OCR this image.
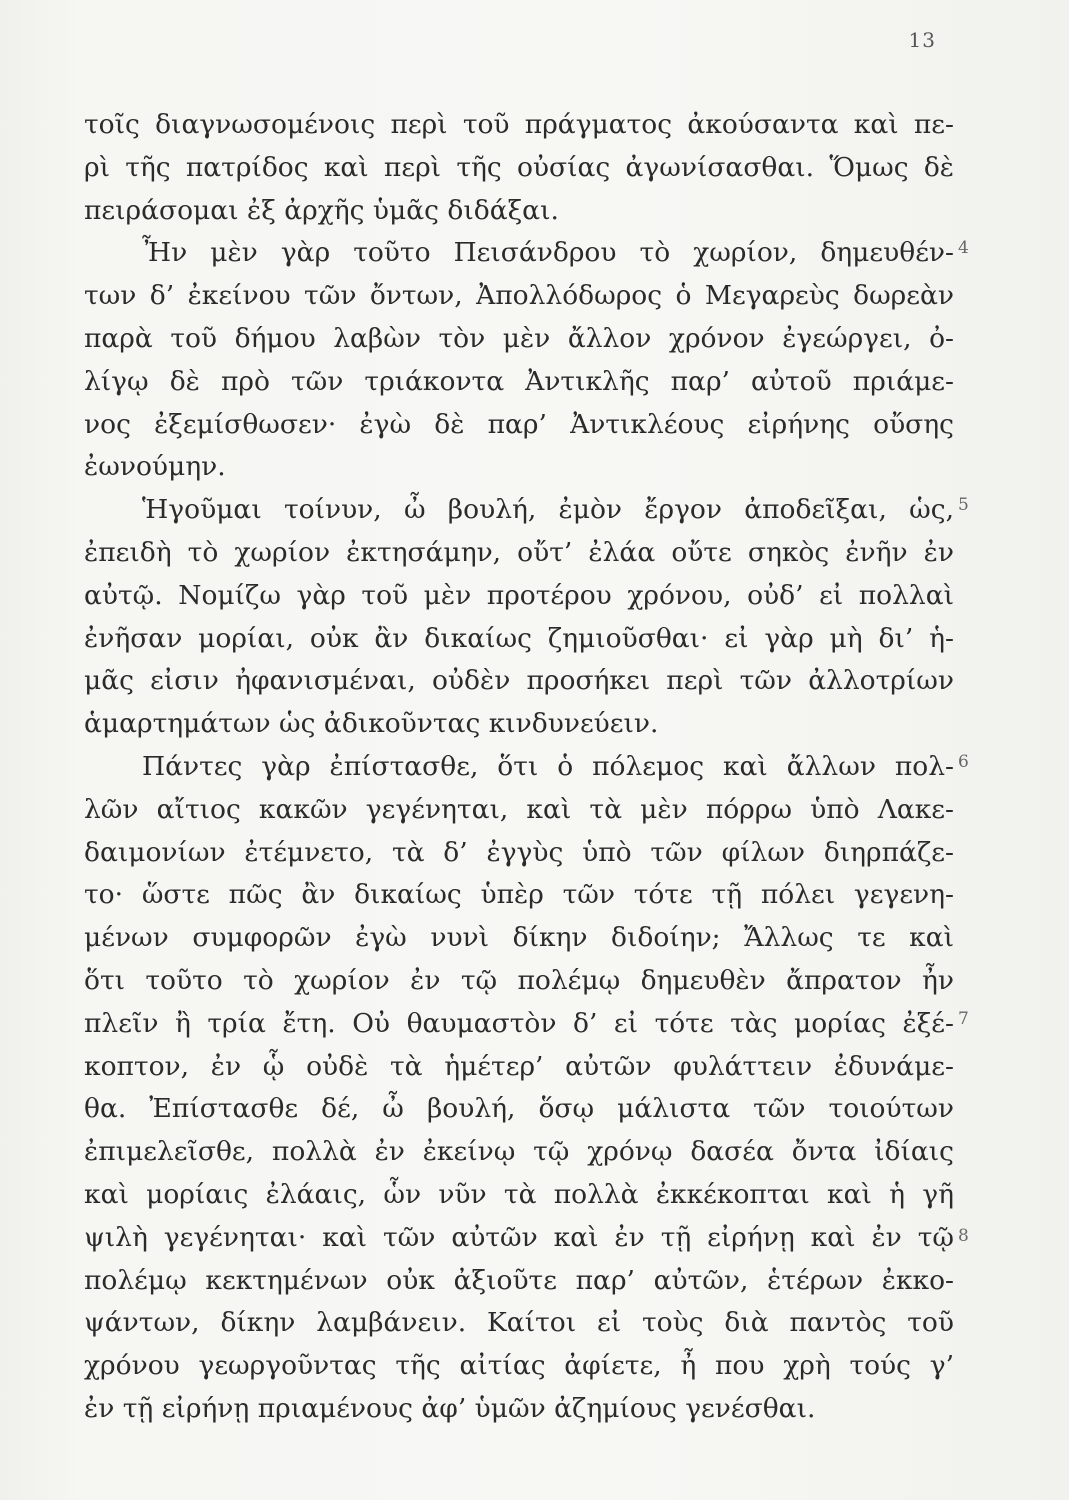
13
τοῖς διαγνωσομένοις περὶ τοῦ πράγματος ἀκούσαντα καὶ πε-
ρὶ τῆς πατρίδος καὶ περὶ τῆς οὐσίας ἀγωνίσασθαι. Ὅμως δὲ
πειράσομαι ἐξ ἀρχῆς ὑμᾶς διδάξαι.
Ἦν μὲν γὰρ τοῦτο Πεισάνδρου τὸ χωρίον, δημευθέν-
των δ’ ἐκείνου τῶν ὄντων, Ἀπολλόδωρος ὁ Μεγαρεὺς δωρεὰν
παρὰ τοῦ δήμου λαβὼν τὸν μὲν ἄλλον χρόνον ἐγεώργει, ὀ-
λίγῳ δὲ πρὸ τῶν τριάκοντα Ἀντικλῆς παρ’ αὐτοῦ πριάμε-
νος ἐξεμίσθωσεν· ἐγὼ δὲ παρ’ Ἀντικλέους εἰρήνης οὔσης
ἐωνούμην.
Ἡγοῦμαι τοίνυν, ὦ βουλή, ἐμὸν ἔργον ἀποδεῖξαι, ὡς,
ἐπειδὴ τὸ χωρίον ἐκτησάμην, οὔτ’ ἐλάα οὔτε σηκὸς ἐνῆν ἐν
αὐτῷ. Νομίζω γὰρ τοῦ μὲν προτέρου χρόνου, οὐδ’ εἰ πολλαὶ
ἐνῆσαν μορίαι, οὐκ ἂν δικαίως ζημιοῦσθαι· εἰ γὰρ μὴ δι’ ἡ-
μᾶς εἰσιν ἠφανισμέναι, οὐδὲν προσήκει περὶ τῶν ἀλλοτρίων
ἁμαρτημάτων ὡς ἀδικοῦντας κινδυνεύειν.
Πάντες γὰρ ἐπίστασθε, ὅτι ὁ πόλεμος καὶ ἄλλων πολ-
λῶν αἴτιος κακῶν γεγένηται, καὶ τὰ μὲν πόρρω ὑπὸ Λακε-
δαιμονίων ἐτέμνετο, τὰ δ’ ἐγγὺς ὑπὸ τῶν φίλων διηρπάζε-
το· ὥστε πῶς ἂν δικαίως ὑπὲρ τῶν τότε τῇ πόλει γεγενη-
μένων συμφορῶν ἐγὼ νυνὶ δίκην διδοίην; Ἄλλως τε καὶ
ὅτι τοῦτο τὸ χωρίον ἐν τῷ πολέμῳ δημευθὲν ἄπρατον ἦν
πλεῖν ἢ τρία ἔτη. Οὐ θαυμαστὸν δ’ εἰ τότε τὰς μορίας ἐξέ-
κοπτον, ἐν ᾧ οὐδὲ τὰ ἡμέτερ’ αὐτῶν φυλάττειν ἐδυνάμε-
θα. Ἐπίστασθε δέ, ὦ βουλή, ὅσῳ μάλιστα τῶν τοιούτων
ἐπιμελεῖσθε, πολλὰ ἐν ἐκείνῳ τῷ χρόνῳ δασέα ὄντα ἰδίαις
καὶ μορίαις ἐλάαις, ὧν νῦν τὰ πολλὰ ἐκκέκοπται καὶ ἡ γῆ
ψιλὴ γεγένηται· καὶ τῶν αὐτῶν καὶ ἐν τῇ εἰρήνῃ καὶ ἐν τῷ
πολέμῳ κεκτημένων οὐκ ἀξιοῦτε παρ’ αὐτῶν, ἑτέρων ἐκκο-
ψάντων, δίκην λαμβάνειν. Καίτοι εἰ τοὺς διὰ παντὸς τοῦ
χρόνου γεωργοῦντας τῆς αἰτίας ἀφίετε, ἦ που χρὴ τούς γ’
ἐν τῇ εἰρήνῃ πριαμένους ἀφ’ ὑμῶν ἀζημίους γενέσθαι.
4
5
6
7
8
